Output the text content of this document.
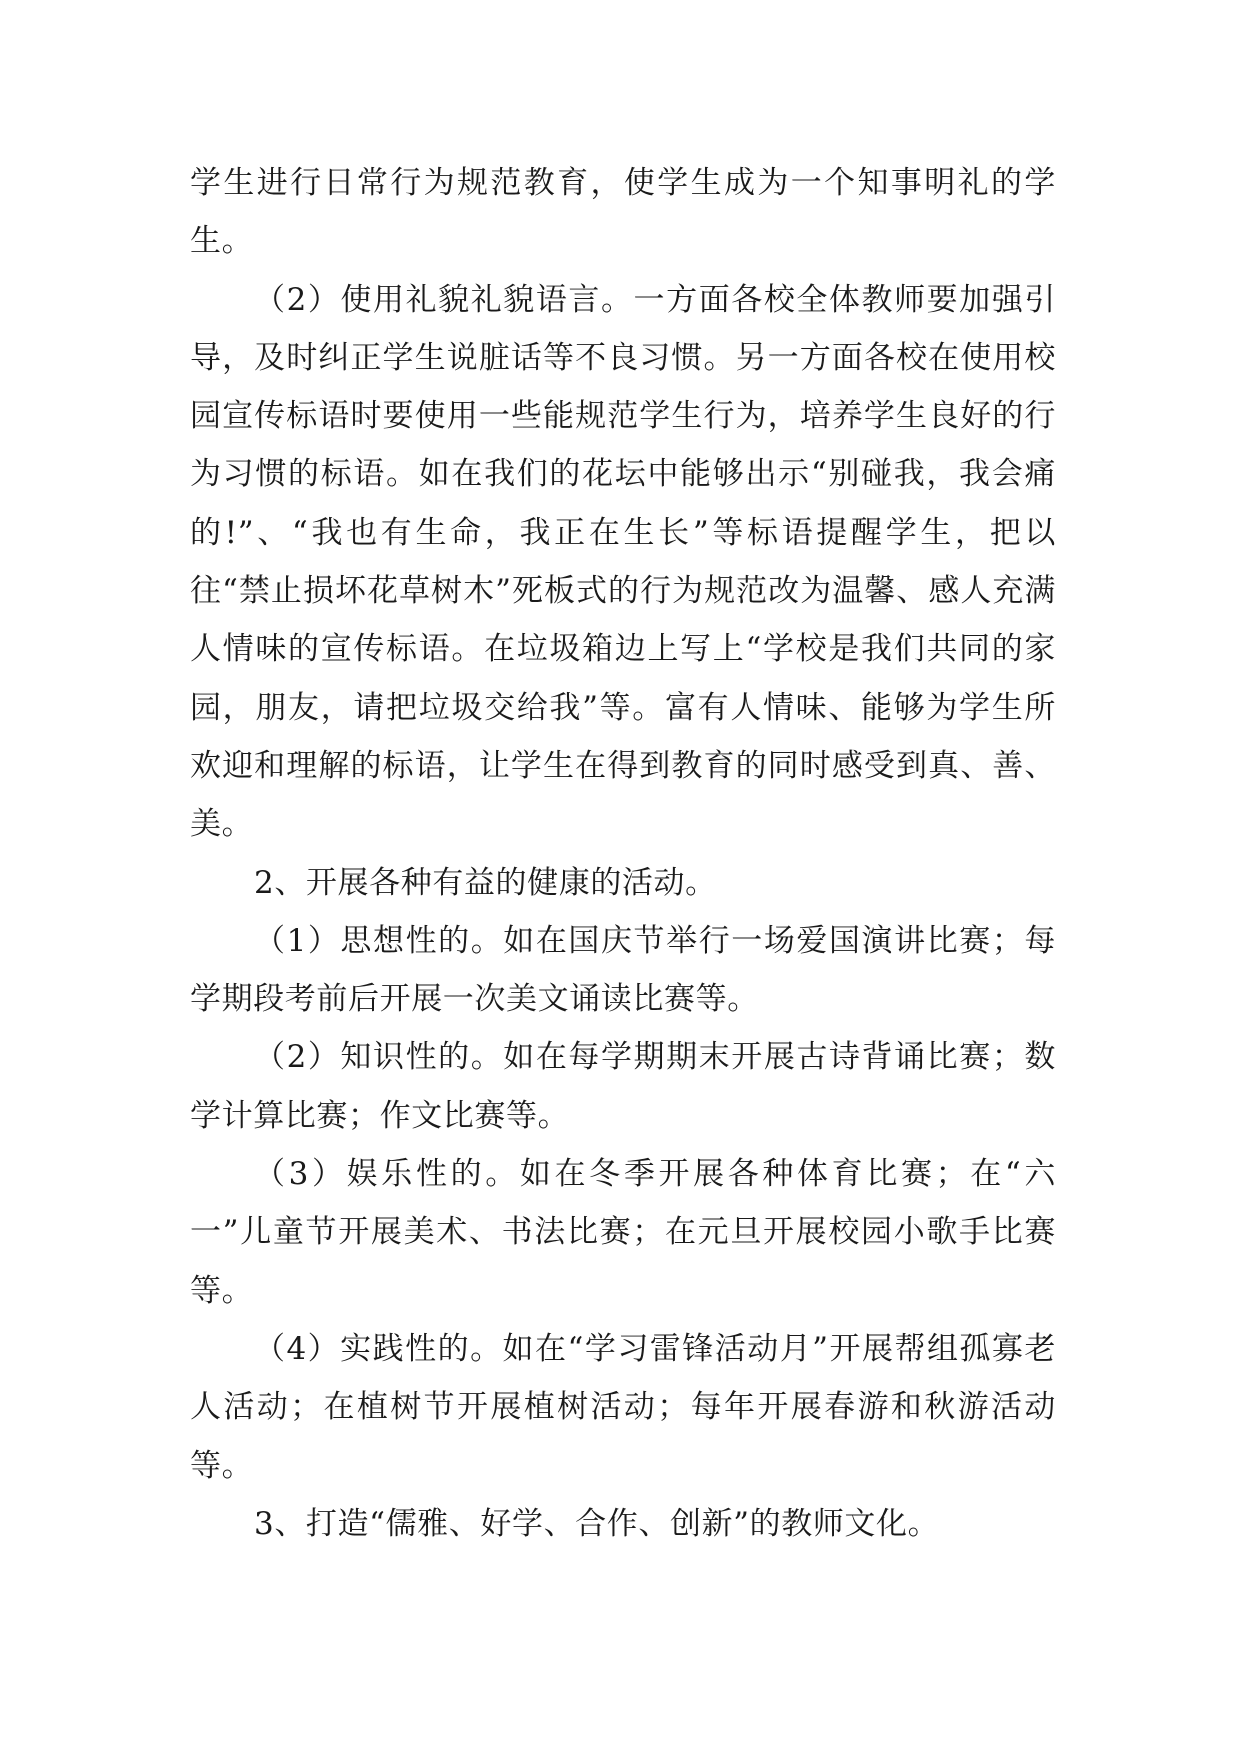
学生进行日常行为规范教育，使学生成为一个知事明礼的学生。

（2）使用礼貌礼貌语言。一方面各校全体教师要加强引导，及时纠正学生说脏话等不良习惯。另一方面各校在使用校园宣传标语时要使用一些能规范学生行为，培养学生良好的行为习惯的标语。如在我们的花坛中能够出示“别碰我，我会痛的!”、“我也有生命，我正在生长”等标语提醒学生，把以往“禁止损坏花草树木”死板式的行为规范改为温馨、感人充满人情味的宣传标语。在垃圾箱边上写上“学校是我们共同的家园，朋友，请把垃圾交给我”等。富有人情味、能够为学生所欢迎和理解的标语，让学生在得到教育的同时感受到真、善、美。

2、开展各种有益的健康的活动。

（1）思想性的。如在国庆节举行一场爱国演讲比赛；每学期段考前后开展一次美文诵读比赛等。

（2）知识性的。如在每学期期末开展古诗背诵比赛；数学计算比赛；作文比赛等。

（3）娱乐性的。如在冬季开展各种体育比赛；在“六一”儿童节开展美术、书法比赛；在元旦开展校园小歌手比赛等。

（4）实践性的。如在“学习雷锋活动月”开展帮组孤寡老人活动；在植树节开展植树活动；每年开展春游和秋游活动等。

3、打造“儒雅、好学、合作、创新”的教师文化。
